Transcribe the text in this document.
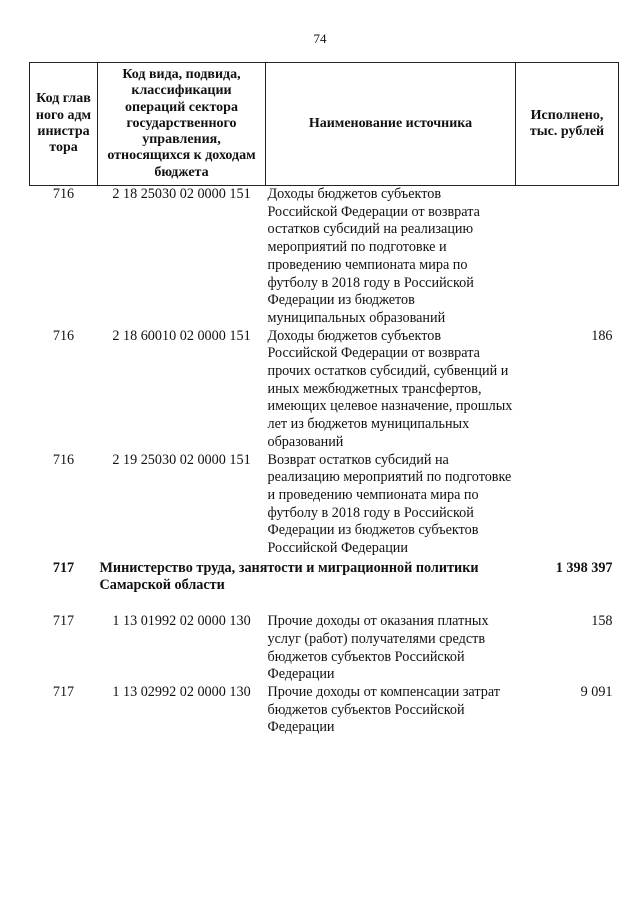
74
Код главного администратора	Код вида, подвида, классификации операций сектора государственного управления, относящихся к доходам бюджета	Наименование источника	Исполнено, тыс. рублей
716	2 18 25030 02 0000 151	Доходы бюджетов субъектов Российской Федерации от возврата остатков субсидий на реализацию мероприятий по подготовке и проведению чемпионата мира по футболу в 2018 году в Российской Федерации из бюджетов муниципальных образований	
716	2 18 60010 02 0000 151	Доходы бюджетов субъектов Российской Федерации от возврата прочих остатков субсидий, субвенций и иных межбюджетных трансфертов, имеющих целевое назначение, прошлых лет из бюджетов муниципальных образований	186
716	2 19 25030 02 0000 151	Возврат остатков субсидий на реализацию мероприятий по подготовке и проведению чемпионата мира по футболу в 2018 году в Российской Федерации из бюджетов субъектов Российской Федерации	
717	Министерство труда, занятости и миграционной политики Самарской области		1 398 397
717	1 13 01992 02 0000 130	Прочие доходы от оказания платных услуг (работ) получателями средств бюджетов субъектов Российской Федерации	158
717	1 13 02992 02 0000 130	Прочие доходы от компенсации затрат бюджетов субъектов Российской Федерации	9 091
